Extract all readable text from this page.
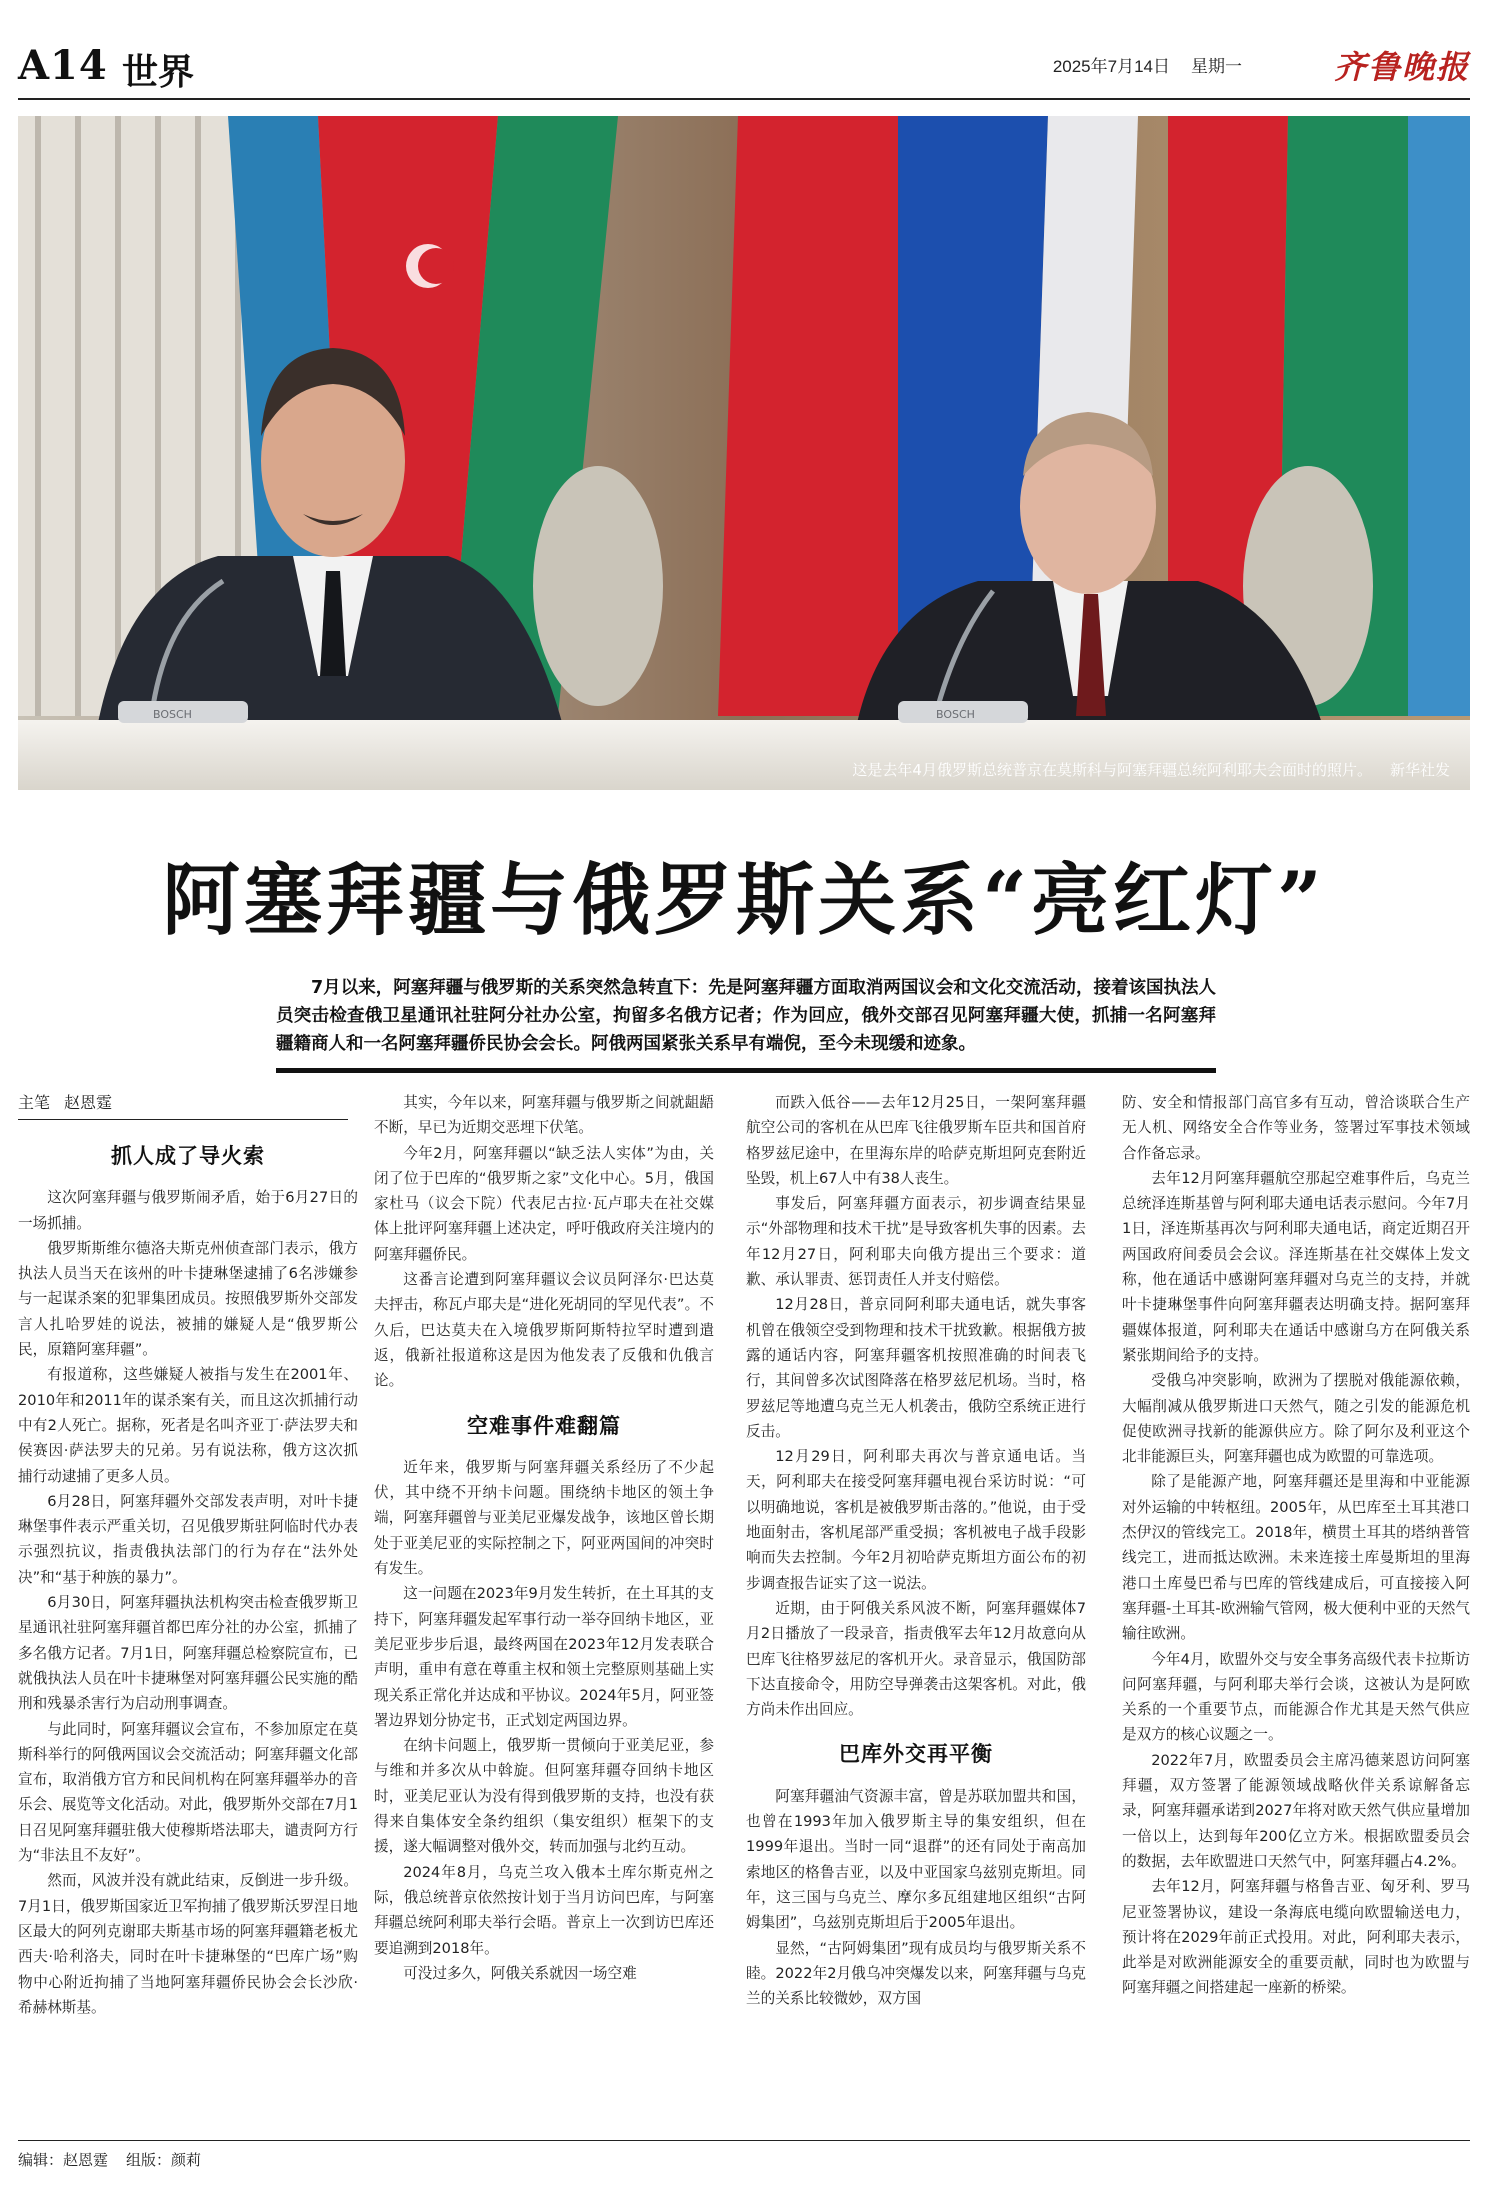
A14 世界	2025年7月14日 星期一	齐鲁晚报
BOSCH	BOSCH
这是去年4月俄罗斯总统普京在莫斯科与阿塞拜疆总统阿利耶夫会面时的照片。 新华社发
阿塞拜疆与俄罗斯关系“亮红灯”
7月以来，阿塞拜疆与俄罗斯的关系突然急转直下：先是阿塞拜疆方面取消两国议会和文化交流活动，接着该国执法人员突击检查俄卫星通讯社驻阿分社办公室，拘留多名俄方记者；作为回应，俄外交部召见阿塞拜疆大使，抓捕一名阿塞拜疆籍商人和一名阿塞拜疆侨民协会会长。阿俄两国紧张关系早有端倪，至今未现缓和迹象。
主笔 赵恩霆
抓人成了导火索

这次阿塞拜疆与俄罗斯闹矛盾，始于6月27日的一场抓捕。

俄罗斯斯维尔德洛夫斯克州侦查部门表示，俄方执法人员当天在该州的叶卡捷琳堡逮捕了6名涉嫌参与一起谋杀案的犯罪集团成员。按照俄罗斯外交部发言人扎哈罗娃的说法，被捕的嫌疑人是“俄罗斯公民，原籍阿塞拜疆”。

有报道称，这些嫌疑人被指与发生在2001年、2010年和2011年的谋杀案有关，而且这次抓捕行动中有2人死亡。据称，死者是名叫齐亚丁·萨法罗夫和侯赛因·萨法罗夫的兄弟。另有说法称，俄方这次抓捕行动逮捕了更多人员。

6月28日，阿塞拜疆外交部发表声明，对叶卡捷琳堡事件表示严重关切，召见俄罗斯驻阿临时代办表示强烈抗议，指责俄执法部门的行为存在“法外处决”和“基于种族的暴力”。

6月30日，阿塞拜疆执法机构突击检查俄罗斯卫星通讯社驻阿塞拜疆首都巴库分社的办公室，抓捕了多名俄方记者。7月1日，阿塞拜疆总检察院宣布，已就俄执法人员在叶卡捷琳堡对阿塞拜疆公民实施的酷刑和残暴杀害行为启动刑事调查。

与此同时，阿塞拜疆议会宣布，不参加原定在莫斯科举行的阿俄两国议会交流活动；阿塞拜疆文化部宣布，取消俄方官方和民间机构在阿塞拜疆举办的音乐会、展览等文化活动。对此，俄罗斯外交部在7月1日召见阿塞拜疆驻俄大使穆斯塔法耶夫，谴责阿方行为“非法且不友好”。

然而，风波并没有就此结束，反倒进一步升级。7月1日，俄罗斯国家近卫军拘捕了俄罗斯沃罗涅日地区最大的阿列克谢耶夫斯基市场的阿塞拜疆籍老板尤西夫·哈利洛夫，同时在叶卡捷琳堡的“巴库广场”购物中心附近拘捕了当地阿塞拜疆侨民协会会长沙欣·希赫林斯基。

其实，今年以来，阿塞拜疆与俄罗斯之间就龃龉不断，早已为近期交恶埋下伏笔。

今年2月，阿塞拜疆以“缺乏法人实体”为由，关闭了位于巴库的“俄罗斯之家”文化中心。5月，俄国家杜马（议会下院）代表尼古拉·瓦卢耶夫在社交媒体上批评阿塞拜疆上述决定，呼吁俄政府关注境内的阿塞拜疆侨民。

这番言论遭到阿塞拜疆议会议员阿泽尔·巴达莫夫抨击，称瓦卢耶夫是“进化死胡同的罕见代表”。不久后，巴达莫夫在入境俄罗斯阿斯特拉罕时遭到遣返，俄新社报道称这是因为他发表了反俄和仇俄言论。

空难事件难翻篇

近年来，俄罗斯与阿塞拜疆关系经历了不少起伏，其中绕不开纳卡问题。围绕纳卡地区的领土争端，阿塞拜疆曾与亚美尼亚爆发战争，该地区曾长期处于亚美尼亚的实际控制之下，阿亚两国间的冲突时有发生。

这一问题在2023年9月发生转折，在土耳其的支持下，阿塞拜疆发起军事行动一举夺回纳卡地区，亚美尼亚步步后退，最终两国在2023年12月发表联合声明，重申有意在尊重主权和领土完整原则基础上实现关系正常化并达成和平协议。2024年5月，阿亚签署边界划分协定书，正式划定两国边界。

在纳卡问题上，俄罗斯一贯倾向于亚美尼亚，参与维和并多次从中斡旋。但阿塞拜疆夺回纳卡地区时，亚美尼亚认为没有得到俄罗斯的支持，也没有获得来自集体安全条约组织（集安组织）框架下的支援，遂大幅调整对俄外交，转而加强与北约互动。

2024年8月，乌克兰攻入俄本土库尔斯克州之际，俄总统普京依然按计划于当月访问巴库，与阿塞拜疆总统阿利耶夫举行会晤。普京上一次到访巴库还要追溯到2018年。

可没过多久，阿俄关系就因一场空难

而跌入低谷——去年12月25日，一架阿塞拜疆航空公司的客机在从巴库飞往俄罗斯车臣共和国首府格罗兹尼途中，在里海东岸的哈萨克斯坦阿克套附近坠毁，机上67人中有38人丧生。

事发后，阿塞拜疆方面表示，初步调查结果显示“外部物理和技术干扰”是导致客机失事的因素。去年12月27日，阿利耶夫向俄方提出三个要求：道歉、承认罪责、惩罚责任人并支付赔偿。

12月28日，普京同阿利耶夫通电话，就失事客机曾在俄领空受到物理和技术干扰致歉。根据俄方披露的通话内容，阿塞拜疆客机按照准确的时间表飞行，其间曾多次试图降落在格罗兹尼机场。当时，格罗兹尼等地遭乌克兰无人机袭击，俄防空系统正进行反击。

12月29日，阿利耶夫再次与普京通电话。当天，阿利耶夫在接受阿塞拜疆电视台采访时说：“可以明确地说，客机是被俄罗斯击落的。”他说，由于受地面射击，客机尾部严重受损；客机被电子战手段影响而失去控制。今年2月初哈萨克斯坦方面公布的初步调查报告证实了这一说法。

近期，由于阿俄关系风波不断，阿塞拜疆媒体7月2日播放了一段录音，指责俄军去年12月故意向从巴库飞往格罗兹尼的客机开火。录音显示，俄国防部下达直接命令，用防空导弹袭击这架客机。对此，俄方尚未作出回应。

巴库外交再平衡

阿塞拜疆油气资源丰富，曾是苏联加盟共和国，也曾在1993年加入俄罗斯主导的集安组织，但在1999年退出。当时一同“退群”的还有同处于南高加索地区的格鲁吉亚，以及中亚国家乌兹别克斯坦。同年，这三国与乌克兰、摩尔多瓦组建地区组织“古阿姆集团”，乌兹别克斯坦后于2005年退出。

显然，“古阿姆集团”现有成员均与俄罗斯关系不睦。2022年2月俄乌冲突爆发以来，阿塞拜疆与乌克兰的关系比较微妙，双方国

防、安全和情报部门高官多有互动，曾洽谈联合生产无人机、网络安全合作等业务，签署过军事技术领域合作备忘录。

去年12月阿塞拜疆航空那起空难事件后，乌克兰总统泽连斯基曾与阿利耶夫通电话表示慰问。今年7月1日，泽连斯基再次与阿利耶夫通电话，商定近期召开两国政府间委员会会议。泽连斯基在社交媒体上发文称，他在通话中感谢阿塞拜疆对乌克兰的支持，并就叶卡捷琳堡事件向阿塞拜疆表达明确支持。据阿塞拜疆媒体报道，阿利耶夫在通话中感谢乌方在阿俄关系紧张期间给予的支持。

受俄乌冲突影响，欧洲为了摆脱对俄能源依赖，大幅削减从俄罗斯进口天然气，随之引发的能源危机促使欧洲寻找新的能源供应方。除了阿尔及利亚这个北非能源巨头，阿塞拜疆也成为欧盟的可靠选项。

除了是能源产地，阿塞拜疆还是里海和中亚能源对外运输的中转枢纽。2005年，从巴库至土耳其港口杰伊汉的管线完工。2018年，横贯土耳其的塔纳普管线完工，进而抵达欧洲。未来连接土库曼斯坦的里海港口土库曼巴希与巴库的管线建成后，可直接接入阿塞拜疆-土耳其-欧洲输气管网，极大便利中亚的天然气输往欧洲。

今年4月，欧盟外交与安全事务高级代表卡拉斯访问阿塞拜疆，与阿利耶夫举行会谈，这被认为是阿欧关系的一个重要节点，而能源合作尤其是天然气供应是双方的核心议题之一。

2022年7月，欧盟委员会主席冯德莱恩访问阿塞拜疆，双方签署了能源领域战略伙伴关系谅解备忘录，阿塞拜疆承诺到2027年将对欧天然气供应量增加一倍以上，达到每年200亿立方米。根据欧盟委员会的数据，去年欧盟进口天然气中，阿塞拜疆占4.2%。

去年12月，阿塞拜疆与格鲁吉亚、匈牙利、罗马尼亚签署协议，建设一条海底电缆向欧盟输送电力，预计将在2029年前正式投用。对此，阿利耶夫表示，此举是对欧洲能源安全的重要贡献，同时也为欧盟与阿塞拜疆之间搭建起一座新的桥梁。

编辑：赵恩霆 组版：颜莉
